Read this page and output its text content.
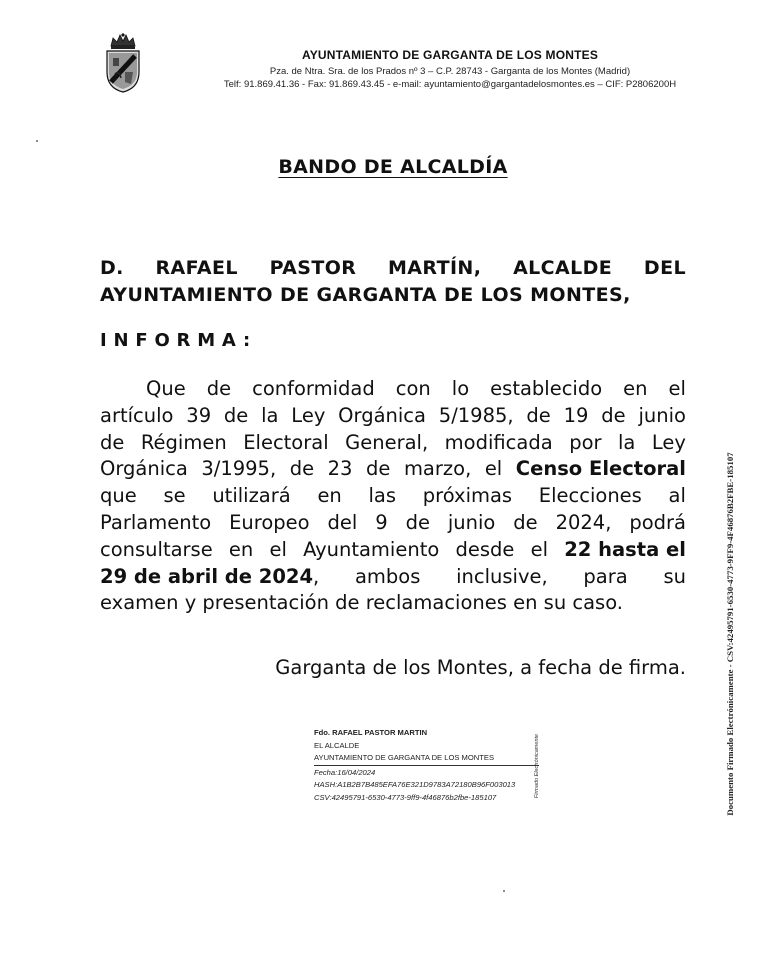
AYUNTAMIENTO DE GARGANTA DE LOS MONTES
Pza. de Ntra. Sra. de los Prados nº 3 – C.P. 28743 - Garganta de los Montes (Madrid)
Telf: 91.869.41.36 - Fax: 91.869.43.45 - e-mail: ayuntamiento@gargantadelosmontes.es – CIF: P2806200H
BANDO DE ALCALDÍA
D. RAFAEL PASTOR MARTÍN, ALCALDE DEL
AYUNTAMIENTO DE GARGANTA DE LOS MONTES,
INFORMA:
Que de conformidad con lo establecido en el
artículo 39 de la Ley Orgánica 5/1985, de 19 de junio
de Régimen Electoral General, modificada por la Ley
Orgánica 3/1995, de 23 de marzo, el Censo Electoral
que se utilizará en las próximas Elecciones al
Parlamento Europeo del 9 de junio de 2024, podrá
consultarse en el Ayuntamiento desde el 22 hasta el
29 de abril de 2024, ambos inclusive, para su
examen y presentación de reclamaciones en su caso.
Garganta de los Montes, a fecha de firma.
Fdo. RAFAEL PASTOR MARTIN
EL ALCALDE
AYUNTAMIENTO DE GARGANTA DE LOS MONTES
Fecha:16/04/2024
HASH:A1B2B7B485EFA76E321D9783A72180B96F003013
CSV:42495791-6530-4773-9ff9-4f46876b2fbe-185107	Firmado Electrónicamente	Documento Firmado Electrónicamente - CSV:42495791-6530-4773-9FF9-4F46876B2FBE-185107
